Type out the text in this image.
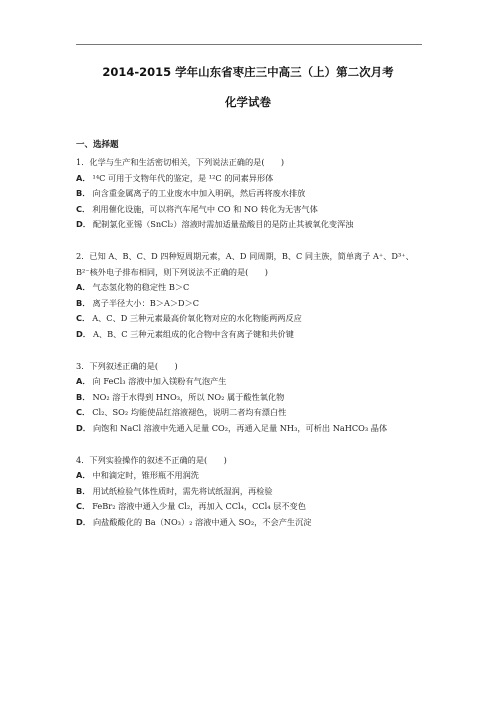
2014-2015 学年山东省枣庄三中高三（上）第二次月考
化学试卷
一、选择题
1．化学与生产和生活密切相关，下列说法正确的是(　　)
A． ¹⁴C 可用于文物年代的鉴定，是 ¹²C 的同素异形体
B． 向含重金属离子的工业废水中加入明矾，然后再将废水排放
C． 利用催化设施，可以将汽车尾气中 CO 和 NO 转化为无害气体
D． 配制氯化亚锡（SnCl₂）溶液时需加适量盐酸目的是防止其被氧化变浑浊
2．已知 A、B、C、D 四种短周期元素，A、D 同周期，B、C 同主族，简单离子 A⁺、D³⁺、
B²⁻核外电子排布相同，则下列说法不正确的是(　　)
A． 气态氢化物的稳定性 B＞C
B． 离子半径大小：B＞A＞D＞C
C． A、C、D 三种元素最高价氧化物对应的水化物能两两反应
D． A、B、C 三种元素组成的化合物中含有离子键和共价键
3．下列叙述正确的是(　　)
A． 向 FeCl₃ 溶液中加入镁粉有气泡产生
B． NO₂ 溶于水得到 HNO₃，所以 NO₂ 属于酸性氧化物
C． Cl₂、SO₂ 均能使品红溶液褪色，说明二者均有漂白性
D． 向饱和 NaCl 溶液中先通入足量 CO₂，再通入足量 NH₃，可析出 NaHCO₃ 晶体
4．下列实验操作的叙述不正确的是(　　)
A． 中和滴定时，锥形瓶不用润洗
B． 用试纸检验气体性质时，需先将试纸湿润，再检验
C． FeBr₂ 溶液中通入少量 Cl₂，再加入 CCl₄，CCl₄ 层不变色
D． 向盐酸酸化的 Ba（NO₃）₂ 溶液中通入 SO₂，不会产生沉淀
